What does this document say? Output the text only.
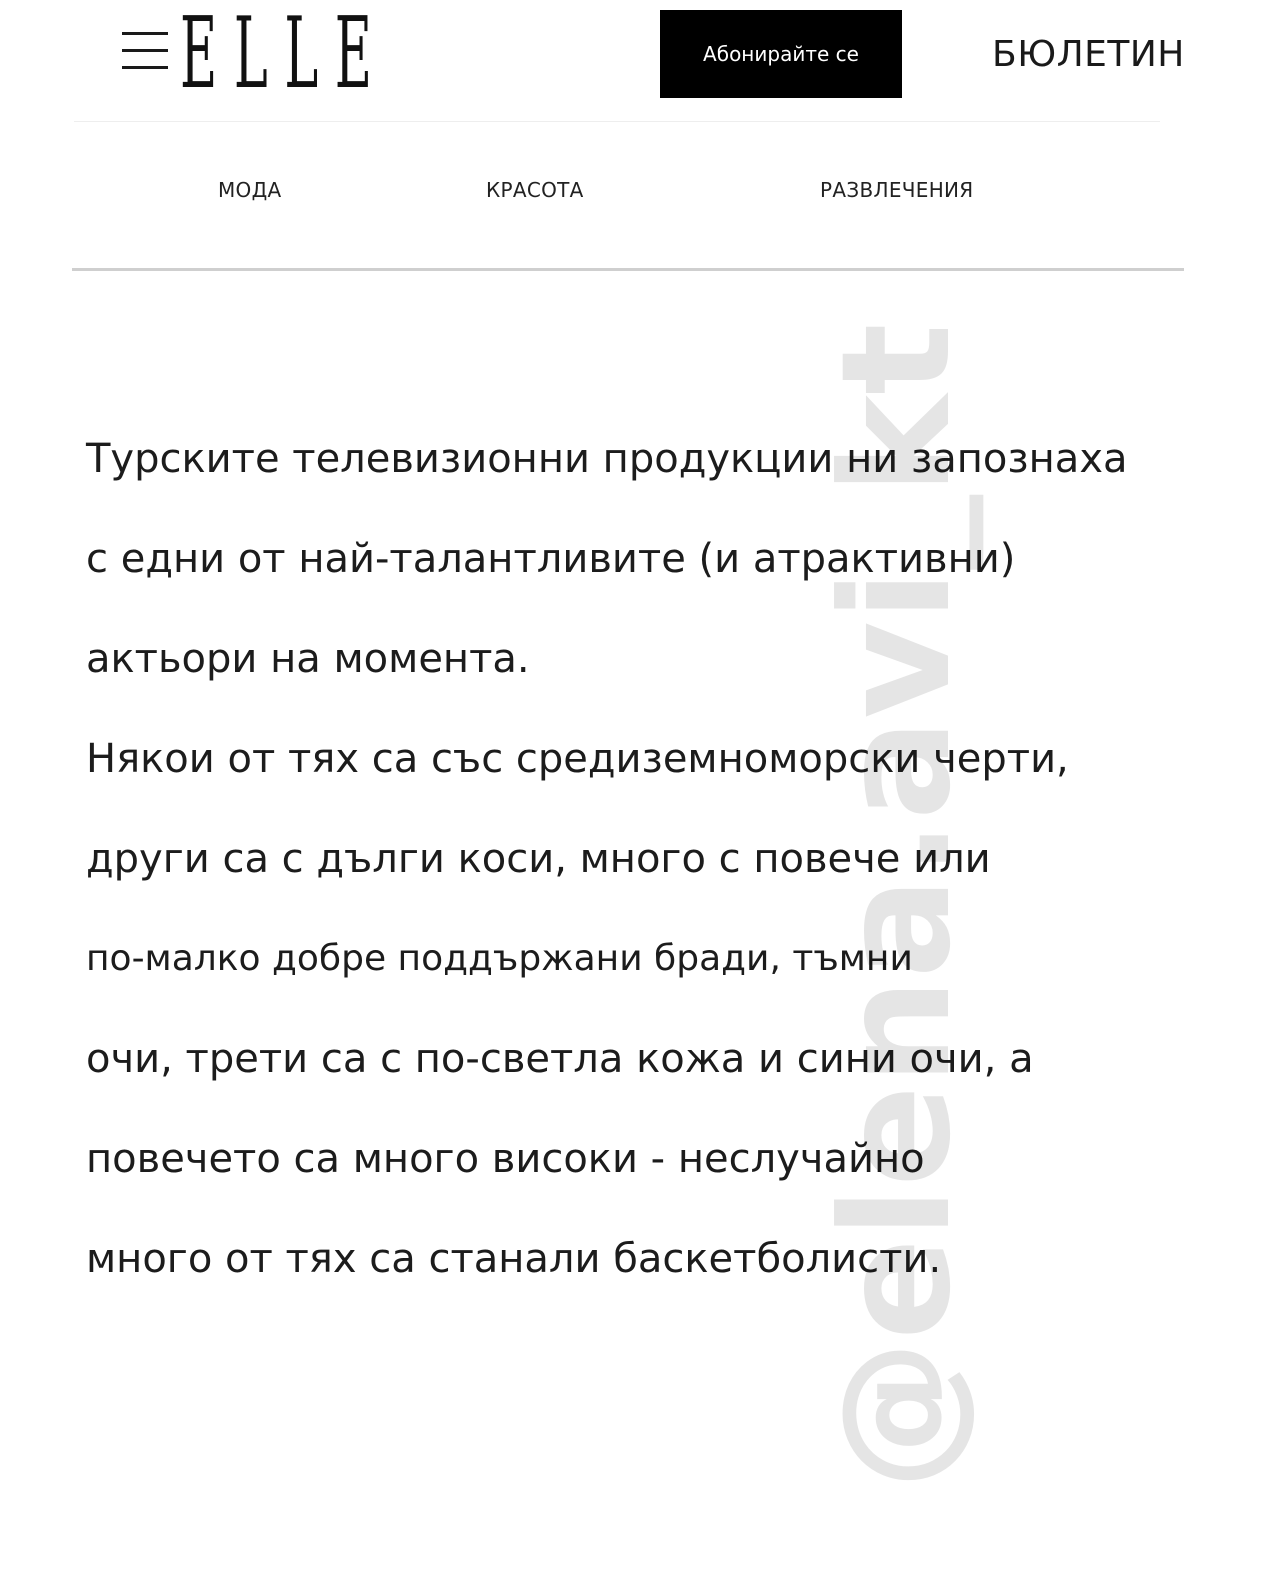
ELLE	Абонирайте се	БЮЛЕТИН
МОДА	КРАСОТА	РАЗВЛЕЧЕНИЯ
Турските телевизионни продукции ни запознаха
с едни от най-талантливите (и атрактивни)
актьори на момента.
Някои от тях са със средиземноморски черти,
други са с дълги коси, много с повече или
по-малко добре поддържани бради, тъмни
очи, трети са с по-светла кожа и сини очи, а
повечето са много високи - неслучайно
много от тях са станали баскетболисти.
@elena.avi_kt
